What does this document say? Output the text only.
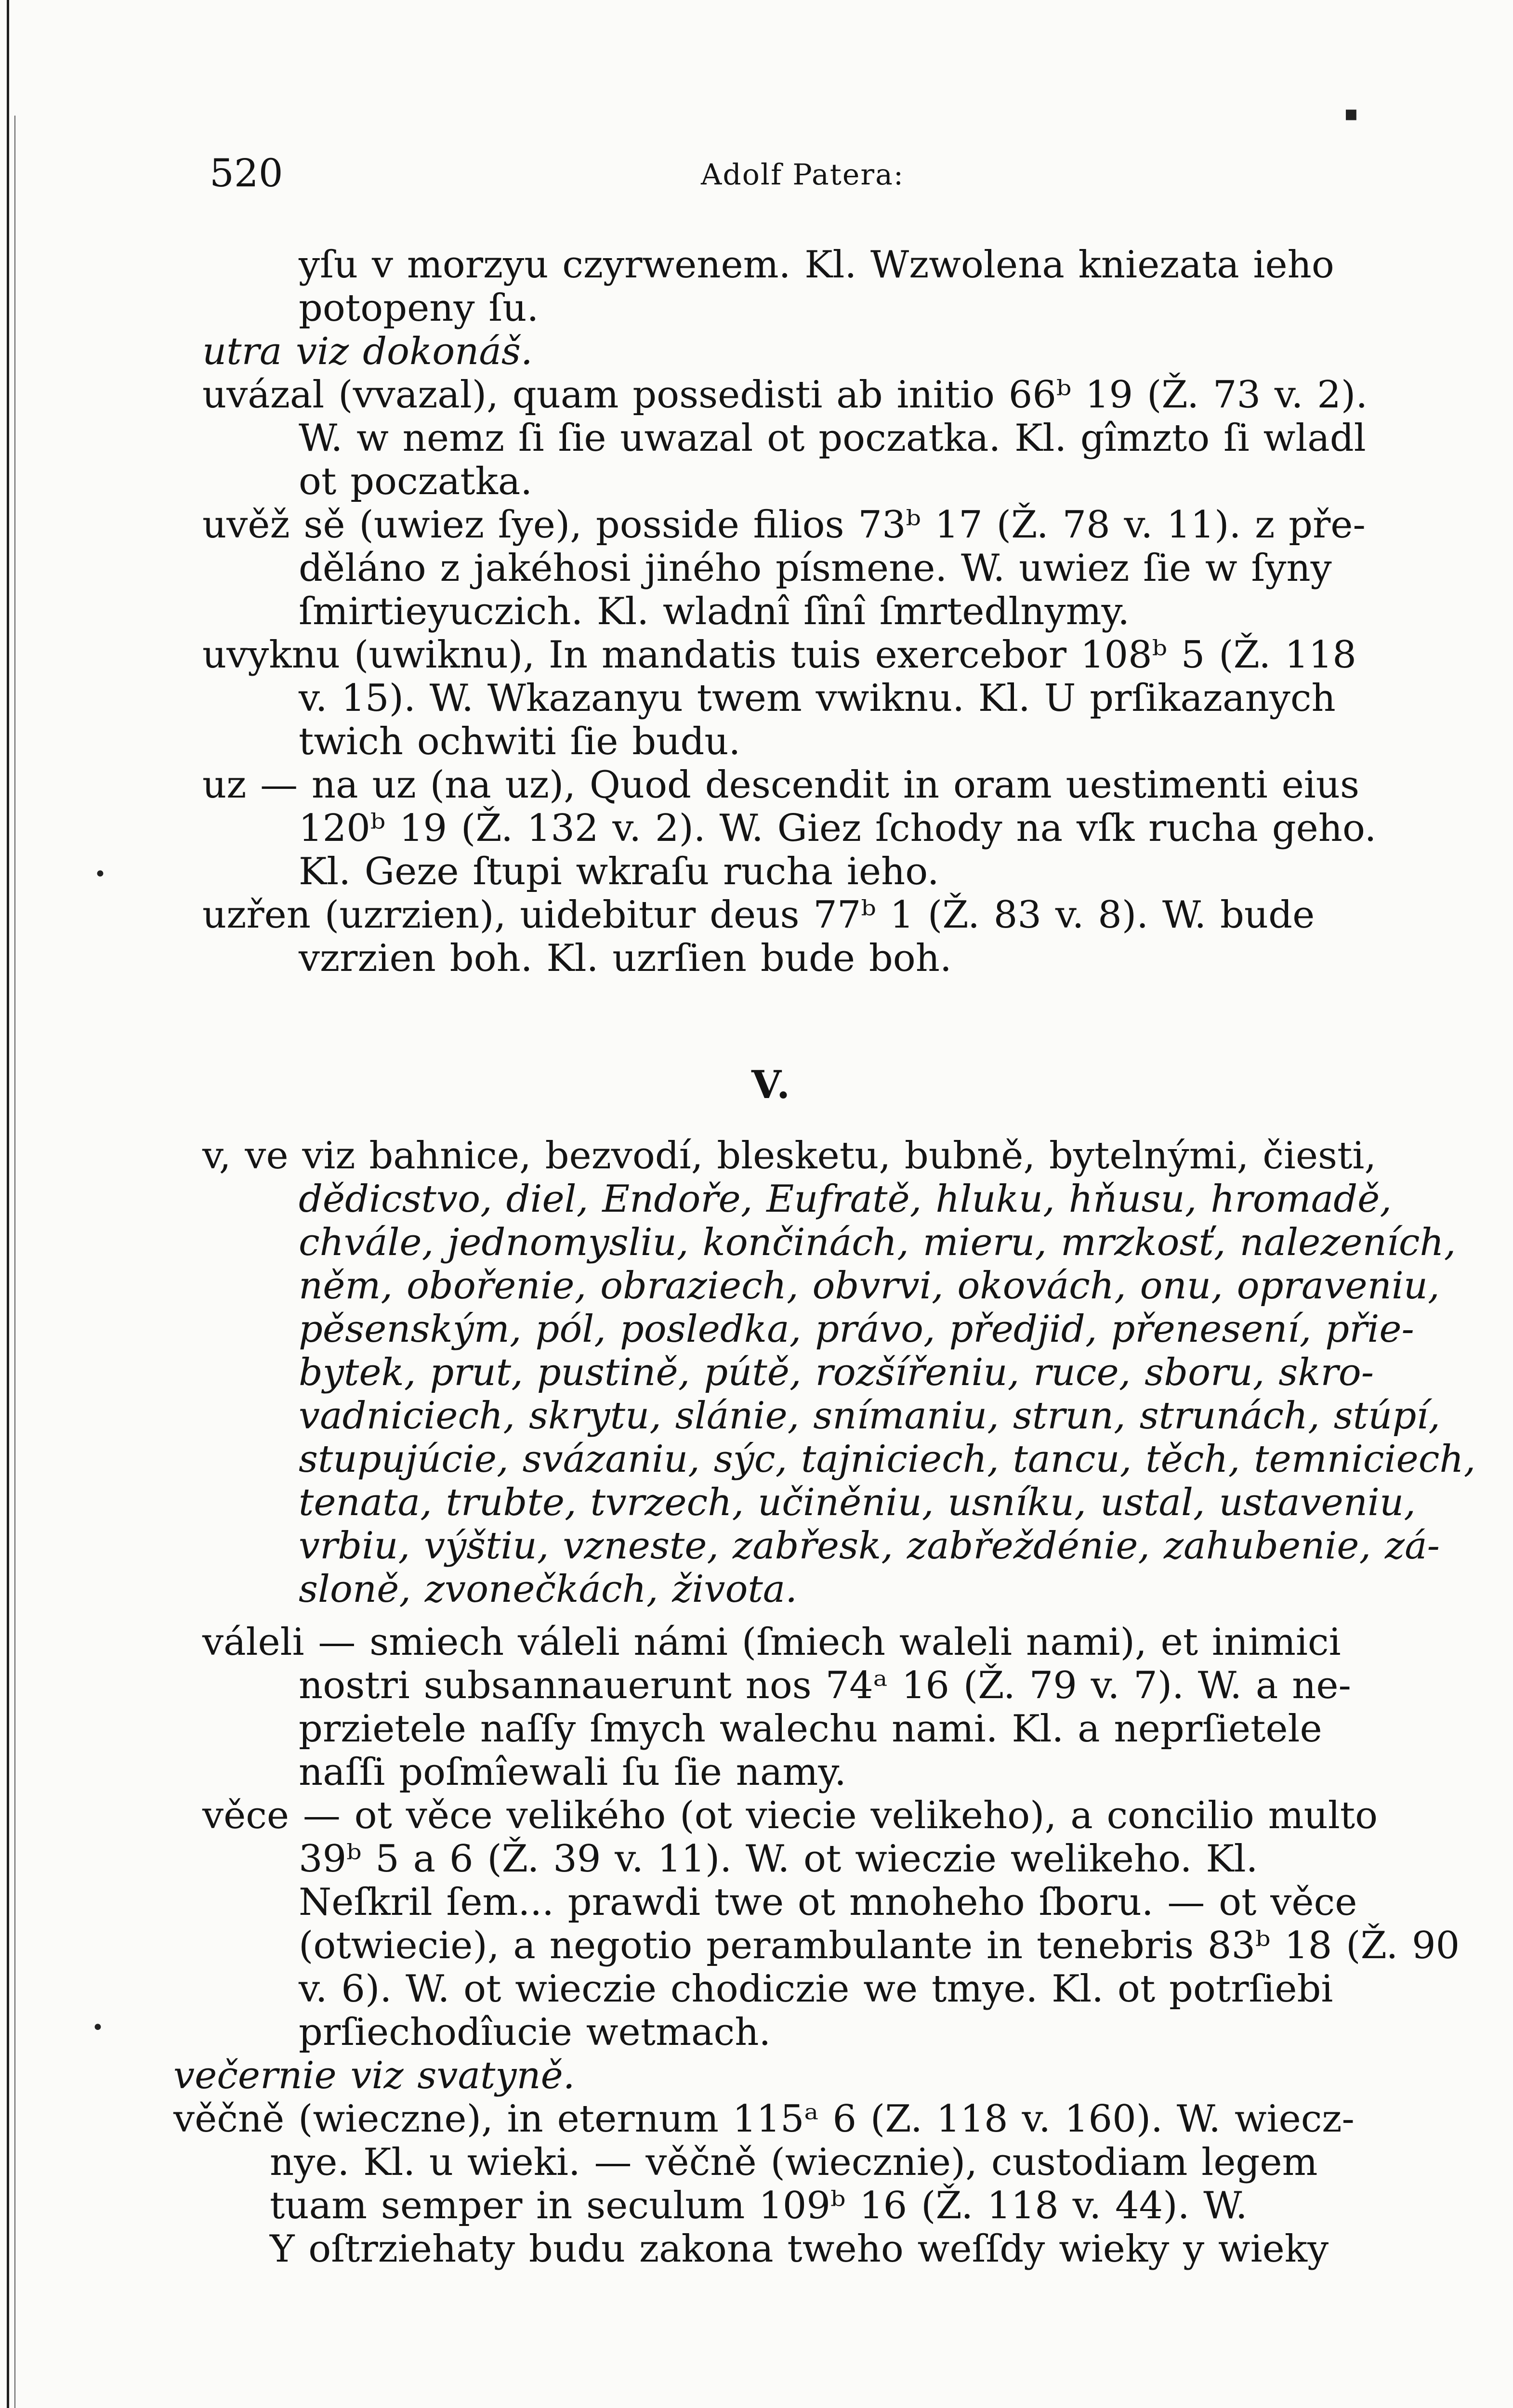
▪
520	Adolf Patera:
yſu v morzyu czyrwenem. Kl. Wzwolena kniezata ieho
potopeny ſu.
utra viz dokonáš.
uvázal (vvazal), quam possedisti ab initio 66ᵇ 19 (Ž. 73 v. 2).
W. w nemz ſi ſie uwazal ot poczatka. Kl. gîmzto ſi wladl
ot poczatka.
uvěž sě (uwiez ſye), posside filios 73ᵇ 17 (Ž. 78 v. 11). z pře-
děláno z jakéhosi jiného písmene. W. uwiez ſie w ſyny
ſmirtieyuczich. Kl. wladnî ſînî ſmrtedlnymy.
uvyknu (uwiknu), In mandatis tuis exercebor 108ᵇ 5 (Ž. 118
v. 15). W. Wkazanyu twem vwiknu. Kl. U prſikazanych
twich ochwiti ſie budu.
uz — na uz (na uz), Quod descendit in oram uestimenti eius
120ᵇ 19 (Ž. 132 v. 2). W. Giez ſchody na vſk rucha geho.
Kl. Geze ſtupi wkraſu rucha ieho.
uzřen (uzrzien), uidebitur deus 77ᵇ 1 (Ž. 83 v. 8). W. bude
vzrzien boh. Kl. uzrſien bude boh.
V.
v, ve viz bahnice, bezvodí, blesketu, bubně, bytelnými, čiesti,
dědicstvo, diel, Endoře, Eufratě, hluku, hňusu, hromadě,
chvále, jednomysliu, končinách, mieru, mrzkosť, nalezeních,
něm, obořenie, obraziech, obvrvi, okovách, onu, opraveniu,
pěsenským, pól, posledka, právo, předjid, přenesení, přie-
bytek, prut, pustině, pútě, rozšířeniu, ruce, sboru, skro-
vadniciech, skrytu, slánie, snímaniu, strun, strunách, stúpí,
stupujúcie, svázaniu, sýc, tajniciech, tancu, těch, temniciech,
tenata, trubte, tvrzech, učiněniu, usníku, ustal, ustaveniu,
vrbiu, výštiu, vzneste, zabřesk, zabřeždénie, zahubenie, zá-
sloně, zvonečkách, života.
váleli — smiech váleli námi (ſmiech waleli nami), et inimici
nostri subsannauerunt nos 74ᵃ 16 (Ž. 79 v. 7). W. a ne-
przietele naſſy ſmych walechu nami. Kl. a neprſietele
naſſi poſmîewali ſu ſie namy.
věce — ot věce velikého (ot viecie velikeho), a concilio multo
39ᵇ 5 a 6 (Ž. 39 v. 11). W. ot wieczie welikeho. Kl.
Neſkril ſem... prawdi twe ot mnoheho ſboru. — ot věce
(otwiecie), a negotio perambulante in tenebris 83ᵇ 18 (Ž. 90
v. 6). W. ot wieczie chodiczie we tmye. Kl. ot potrſiebi
prſiechodîucie wetmach.
večernie viz svatyně.
věčně (wieczne), in eternum 115ᵃ 6 (Z. 118 v. 160). W. wiecz-
nye. Kl. u wieki. — věčně (wiecznie), custodiam legem
tuam semper in seculum 109ᵇ 16 (Ž. 118 v. 44). W.
Y oſtrziehaty budu zakona tweho weſſdy wieky y wieky
•
•
